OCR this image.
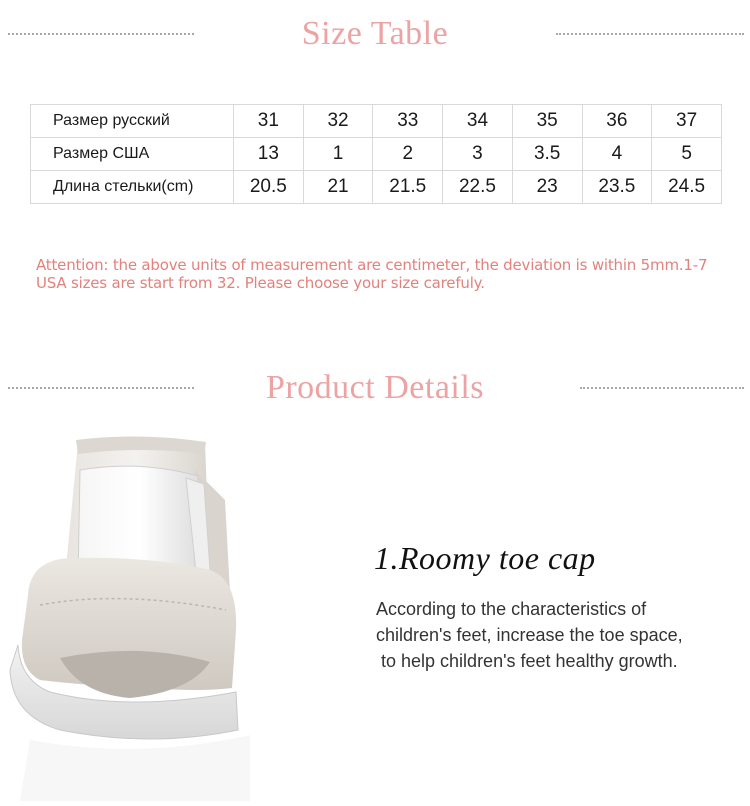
Size Table
Размер русский	31	32	33	34	35	36	37
Размер США	13	1	2	3	3.5	4	5
Длина стельки(cm)	20.5	21	21.5	22.5	23	23.5	24.5
Attention: the above units of measurement are centimeter, the deviation is within 5mm.1-7
USA sizes are start from 32. Please choose your size carefuly.
Product Details
1.Roomy toe cap
According to the characteristics of
children's feet, increase the toe space,
to help children's feet healthy growth.
